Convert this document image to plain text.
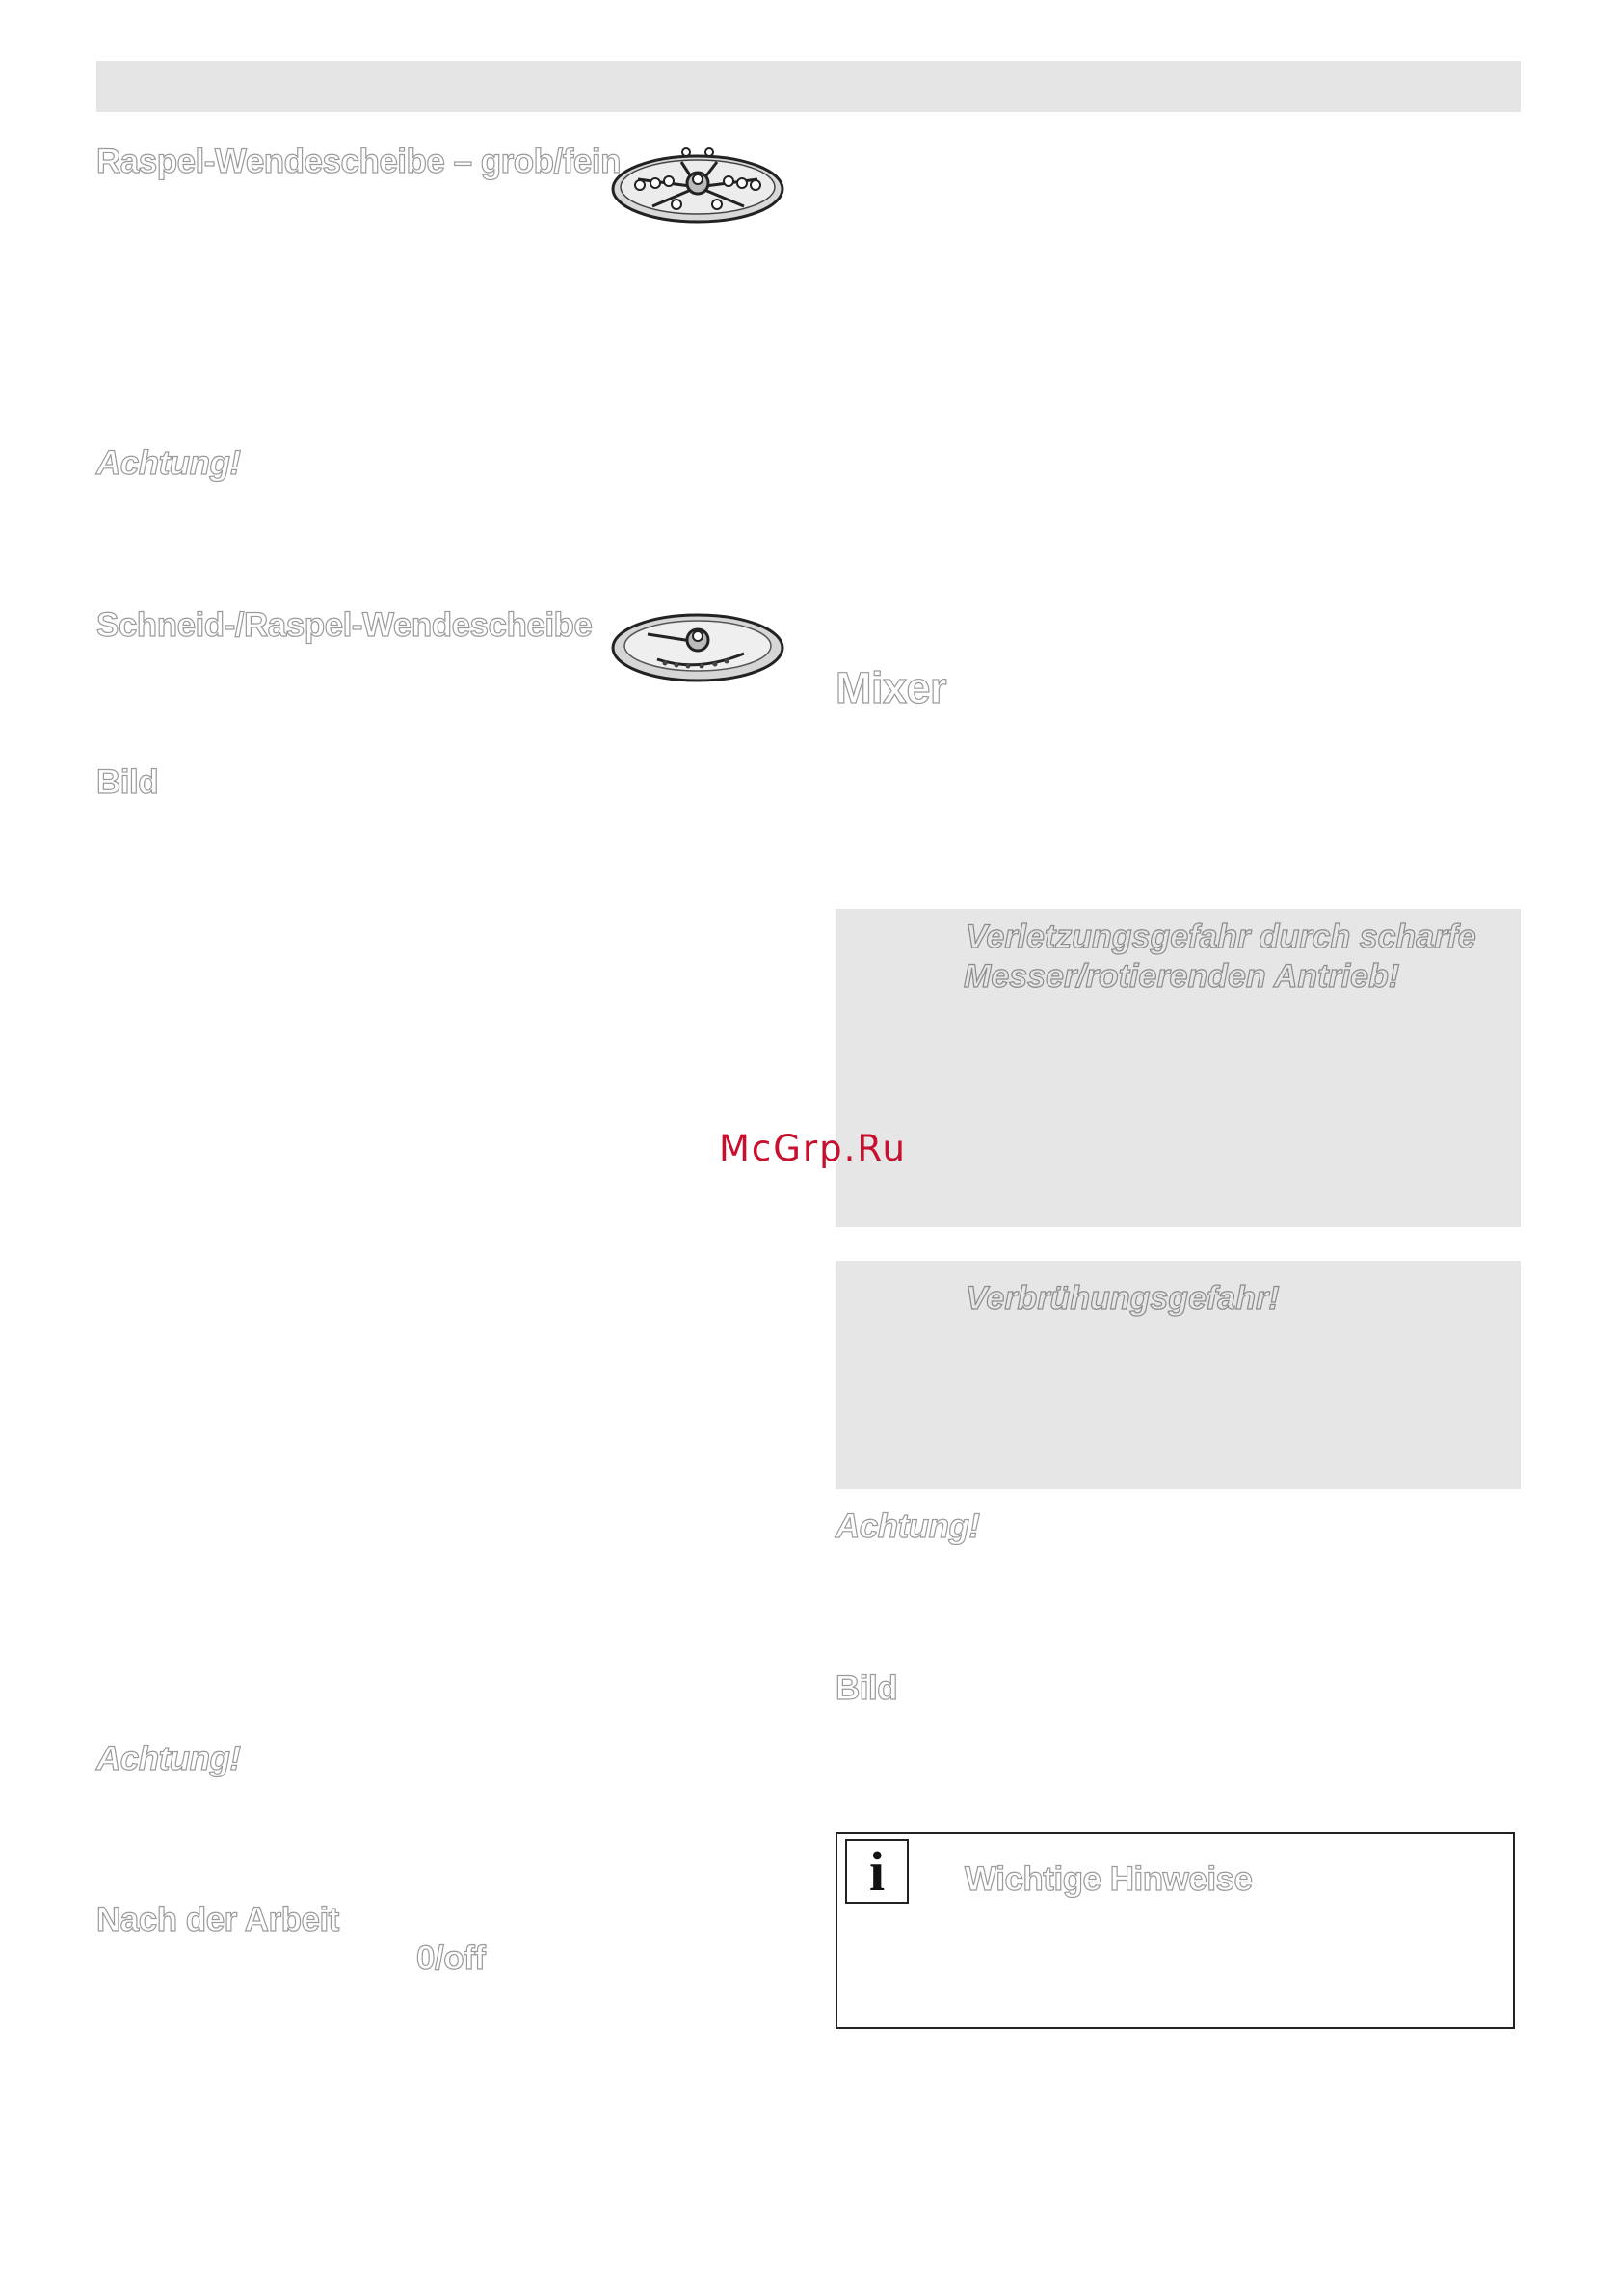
Raspel-Wendescheibe – grob/fein
Achtung!
Schneid-/Raspel-Wendescheibe
Bild
Achtung!
Nach der Arbeit
0/off
Mixer
Verletzungsgefahr durch scharfe
Messer/rotierenden Antrieb!
Verbrühungsgefahr!
Achtung!
Bild
i	Wichtige Hinweise
McGrp.Ru
